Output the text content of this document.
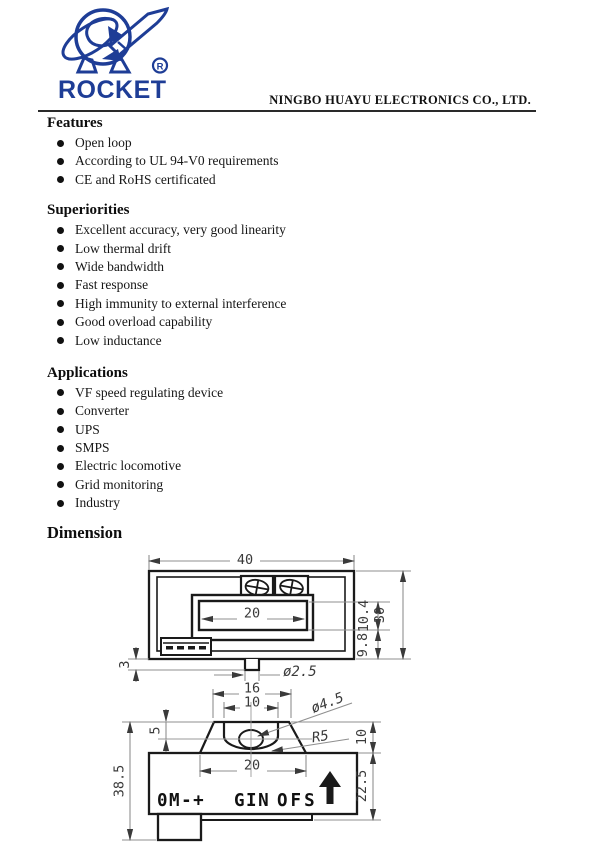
R
ROCKET	NINGBO HUAYU ELECTRONICS CO., LTD.
Features
Open loop
According to UL 94-V0 requirements
CE and RoHS certificated
Superiorities
Excellent accuracy, very good linearity
Low thermal drift
Wide bandwidth
Fast response
High immunity to external interference
Good overload capability
Low inductance
Applications
VF speed regulating device
Converter
UPS
SMPS
Electric locomotive
Grid monitoring
Industry
Dimension
40
20	30
10.4
9.8
3	ø2.5
0M-+ GIN OFS
16
10	ø4.5
R5
5	10
20
22.5
38.5
